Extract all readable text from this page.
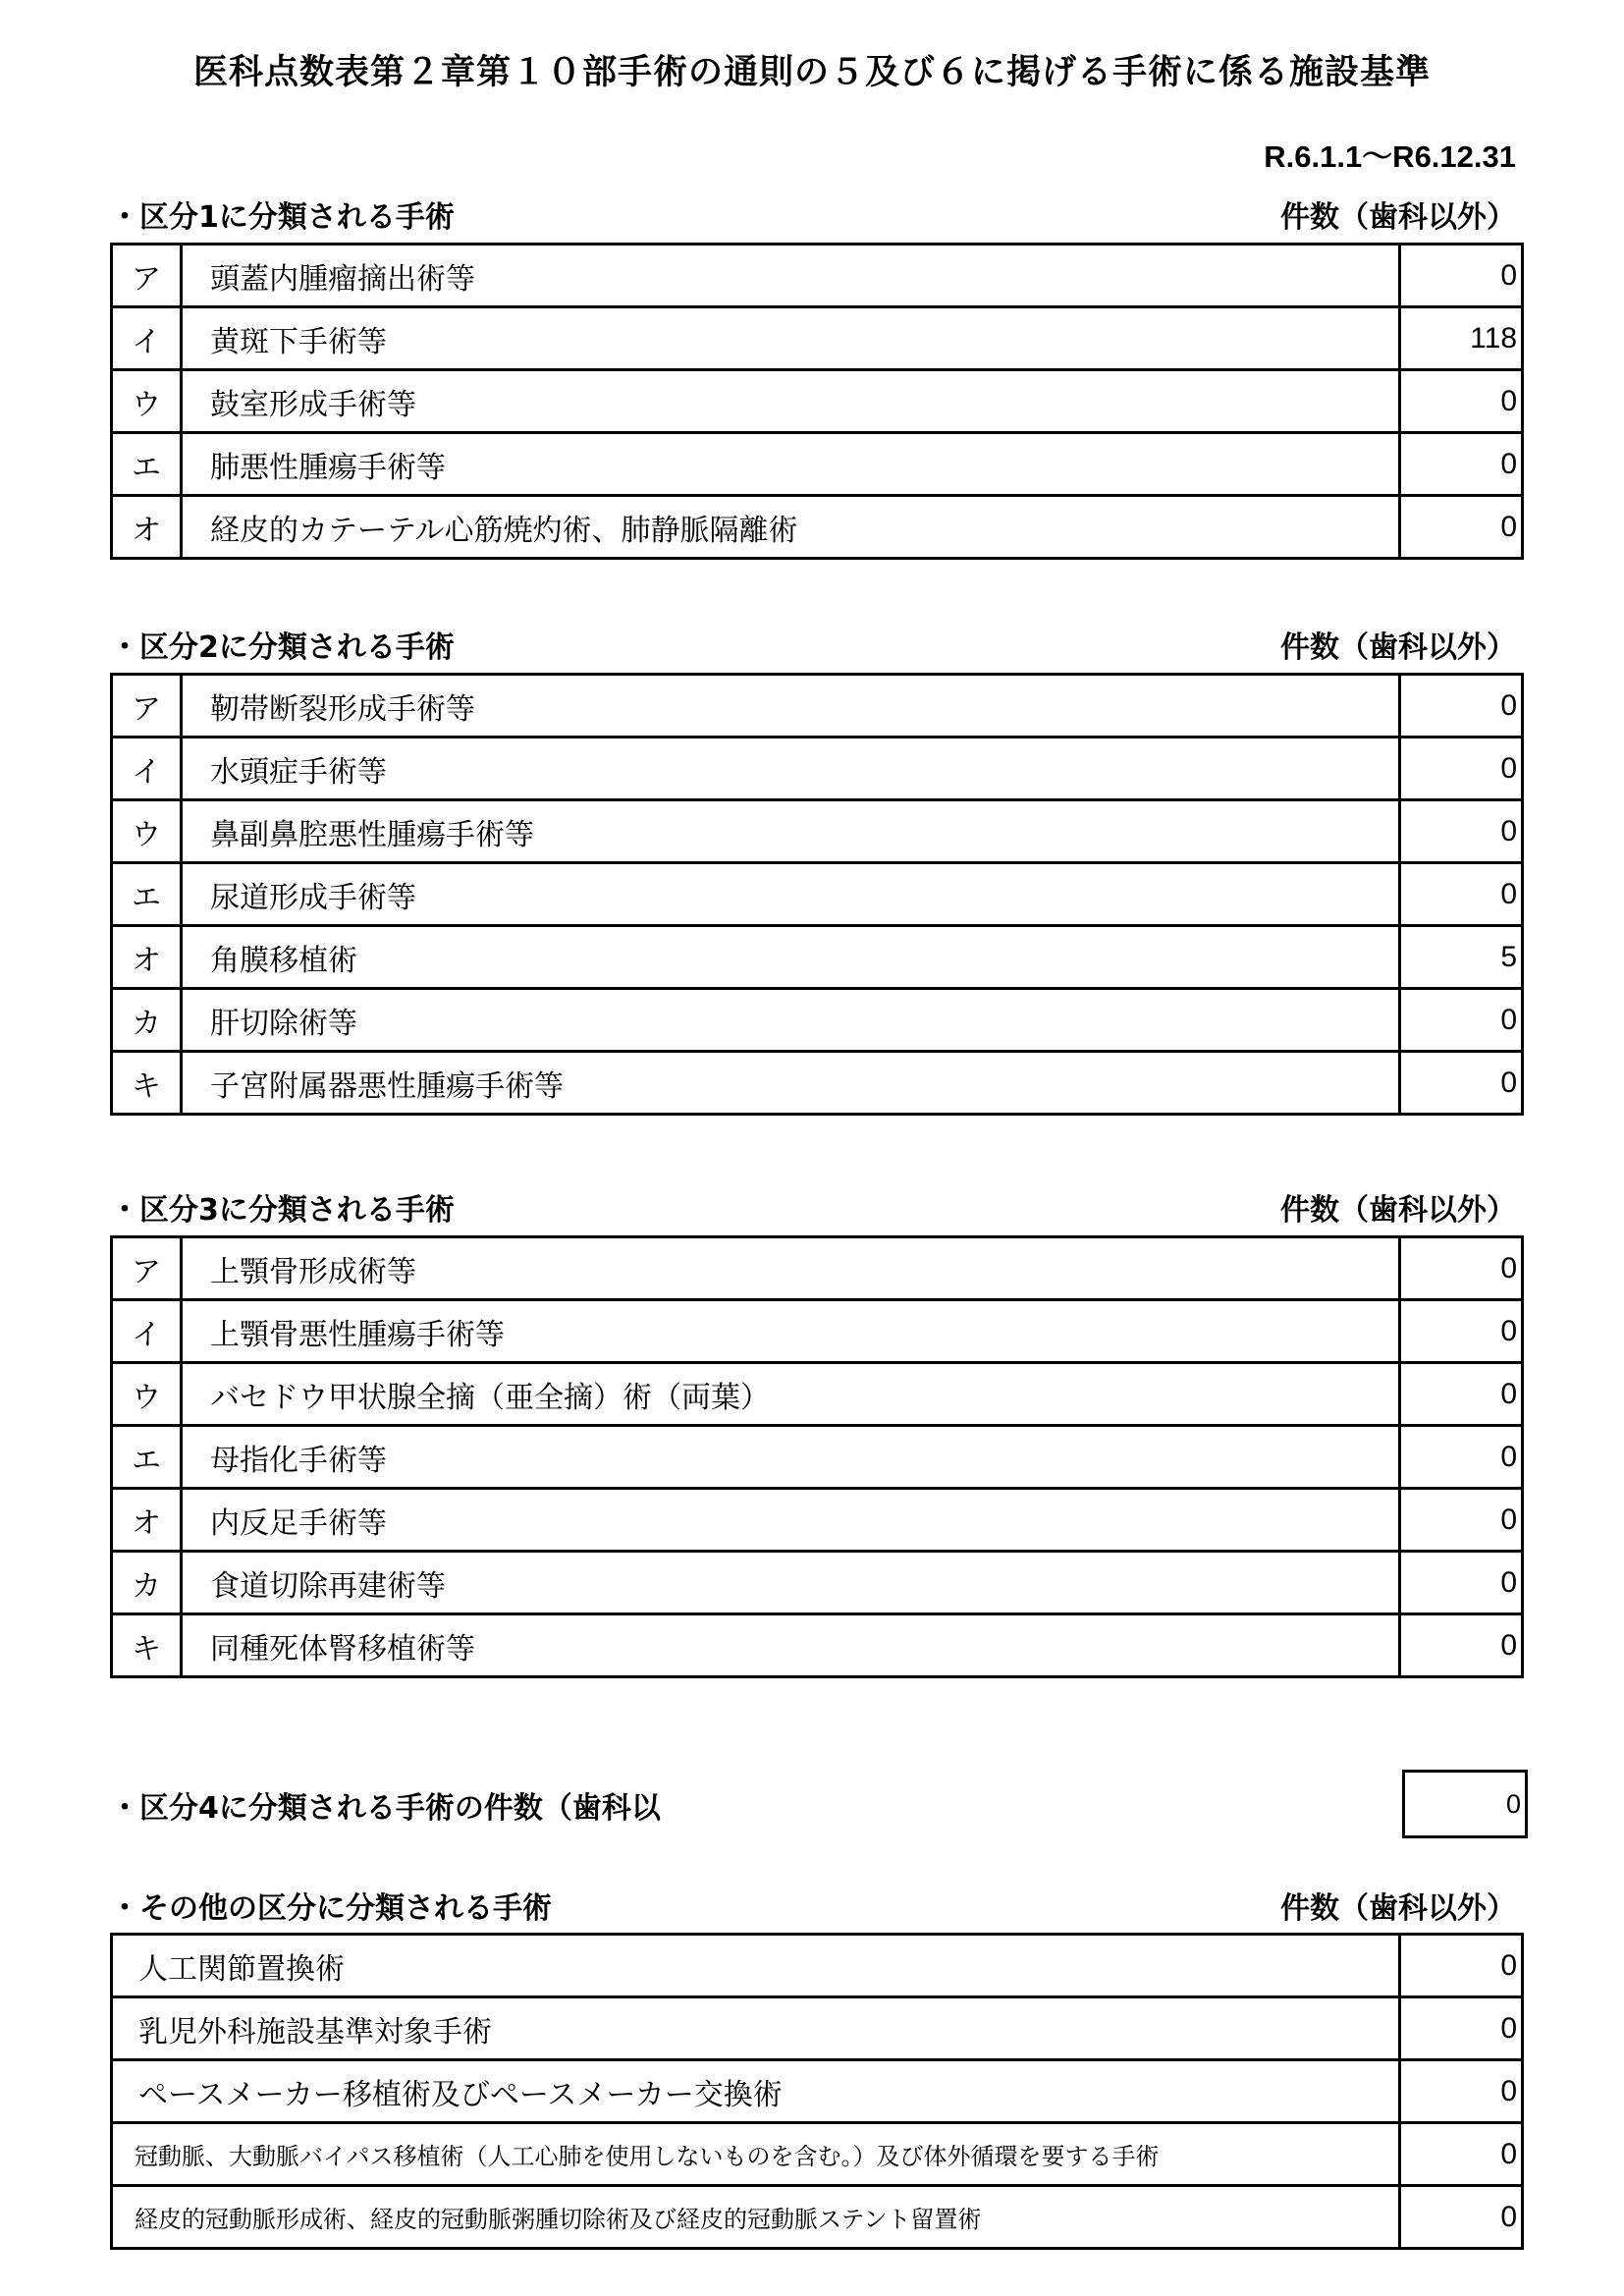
医科点数表第２章第１０部手術の通則の５及び６に掲げる手術に係る施設基準
R.6.1.1～R6.12.31
・区分1に分類される手術	件数（歯科以外）
ア	頭蓋内腫瘤摘出術等	0
イ	黄斑下手術等	118
ウ	鼓室形成手術等	0
エ	肺悪性腫瘍手術等	0
オ	経皮的カテーテル心筋焼灼術、肺静脈隔離術	0
・区分2に分類される手術	件数（歯科以外）
ア	靭帯断裂形成手術等	0
イ	水頭症手術等	0
ウ	鼻副鼻腔悪性腫瘍手術等	0
エ	尿道形成手術等	0
オ	角膜移植術	5
カ	肝切除術等	0
キ	子宮附属器悪性腫瘍手術等	0
・区分3に分類される手術	件数（歯科以外）
ア	上顎骨形成術等	0
イ	上顎骨悪性腫瘍手術等	0
ウ	バセドウ甲状腺全摘（亜全摘）術（両葉）	0
エ	母指化手術等	0
オ	内反足手術等	0
カ	食道切除再建術等	0
キ	同種死体腎移植術等	0
・区分4に分類される手術の件数（歯科以	0
・その他の区分に分類される手術	件数（歯科以外）
人工関節置換術	0
乳児外科施設基準対象手術	0
ペースメーカー移植術及びペースメーカー交換術	0
冠動脈、大動脈バイパス移植術（人工心肺を使用しないものを含む。）及び体外循環を要する手術	0
経皮的冠動脈形成術、経皮的冠動脈粥腫切除術及び経皮的冠動脈ステント留置術	0
